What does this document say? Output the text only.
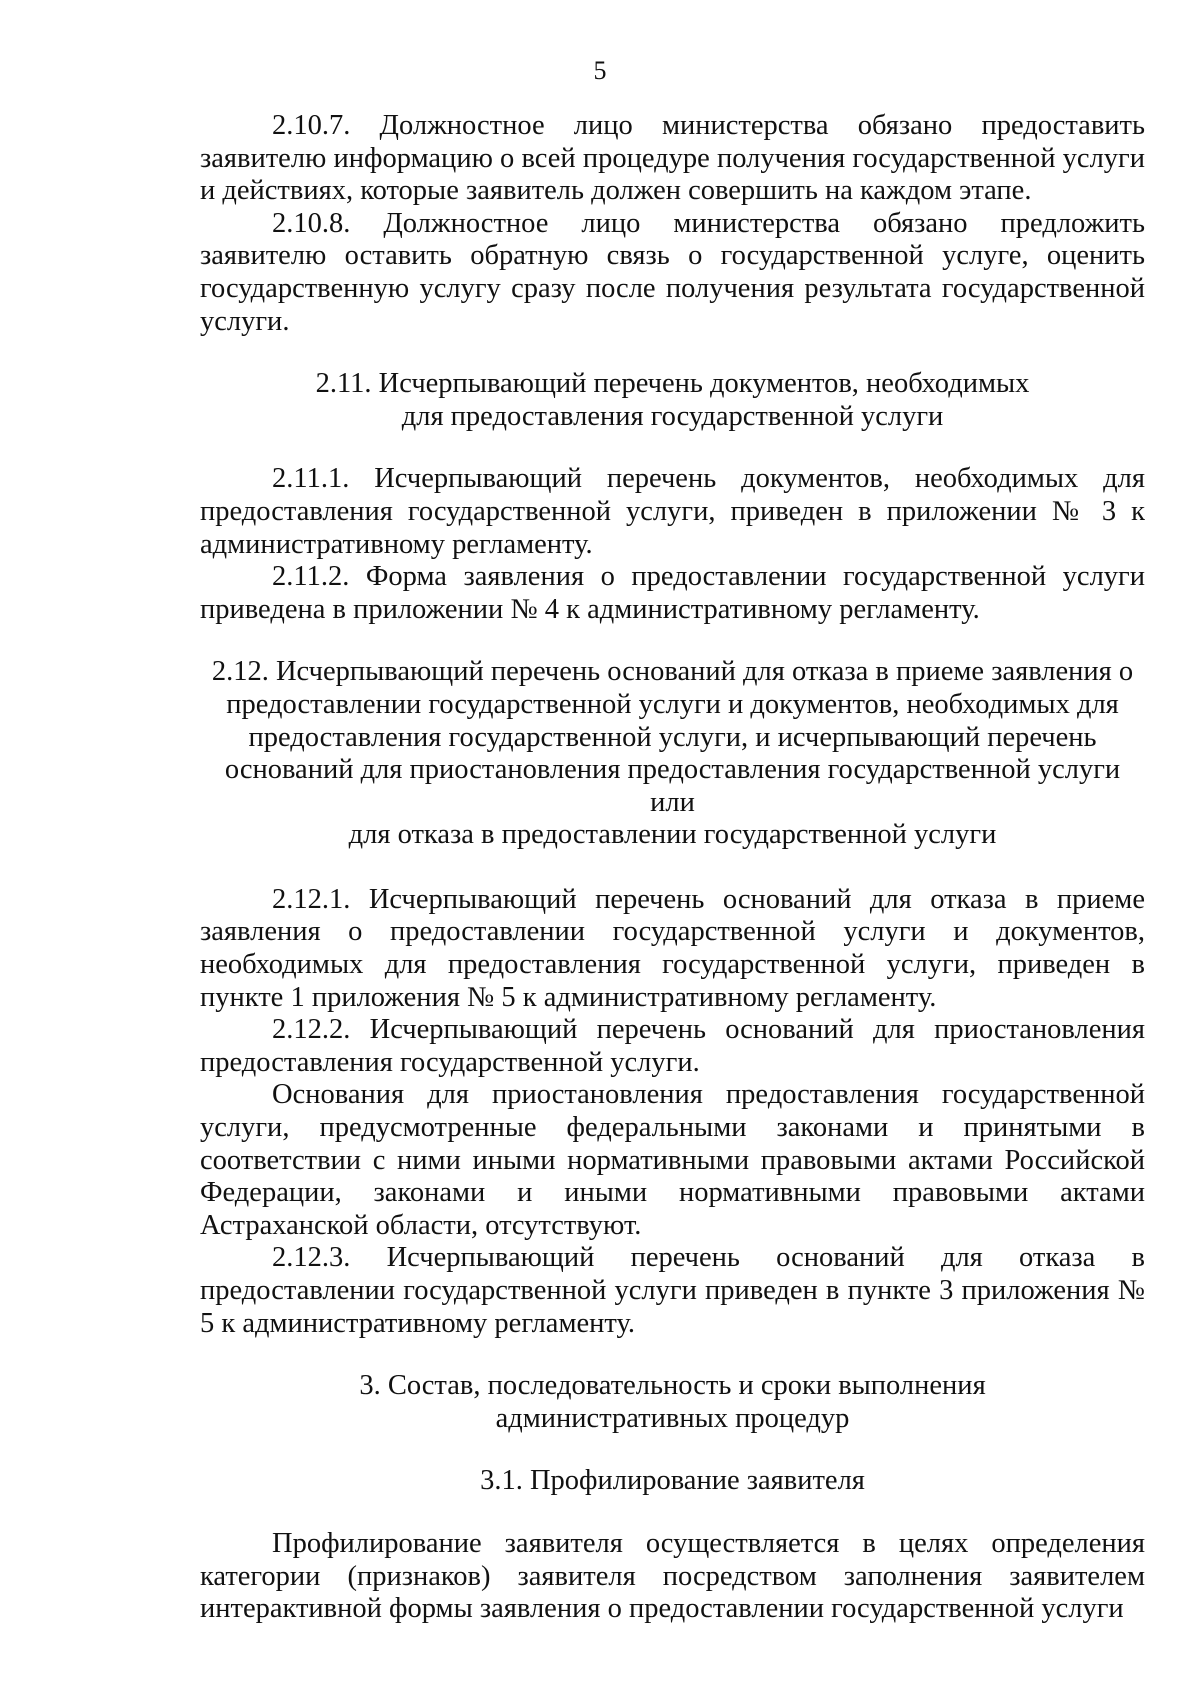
5

2.10.7. Должностное лицо министерства обязано предоставить заявителю информацию о всей процедуре получения государственной услуги и действиях, которые заявитель должен совершить на каждом этапе.

2.10.8. Должностное лицо министерства обязано предложить заявителю оставить обратную связь о государственной услуге, оценить государственную услугу сразу после получения результата государственной услуги.

2.11. Исчерпывающий перечень документов, необходимых
для предоставления государственной услуги

2.11.1. Исчерпывающий перечень документов, необходимых для предоставления государственной услуги, приведен в приложении № 3 к административному регламенту.

2.11.2. Форма заявления о предоставлении государственной услуги приведена в приложении № 4 к административному регламенту.

2.12. Исчерпывающий перечень оснований для отказа в приеме заявления о
предоставлении государственной услуги и документов, необходимых для
предоставления государственной услуги, и исчерпывающий перечень
оснований для приостановления предоставления государственной услуги или
для отказа в предоставлении государственной услуги

2.12.1. Исчерпывающий перечень оснований для отказа в приеме заявления о предоставлении государственной услуги и документов, необходимых для предоставления государственной услуги, приведен в пункте 1 приложения № 5 к административному регламенту.

2.12.2. Исчерпывающий перечень оснований для приостановления предоставления государственной услуги.

Основания для приостановления предоставления государственной услуги, предусмотренные федеральными законами и принятыми в соответствии с ними иными нормативными правовыми актами Российской Федерации, законами и иными нормативными правовыми актами Астраханской области, отсутствуют.

2.12.3. Исчерпывающий перечень оснований для отказа в предоставлении государственной услуги приведен в пункте 3 приложения № 5 к административному регламенту.

3. Состав, последовательность и сроки выполнения
административных процедур
3.1. Профилирование заявителя

Профилирование заявителя осуществляется в целях определения категории (признаков) заявителя посредством заполнения заявителем интерактивной формы заявления о предоставлении государственной услуги
